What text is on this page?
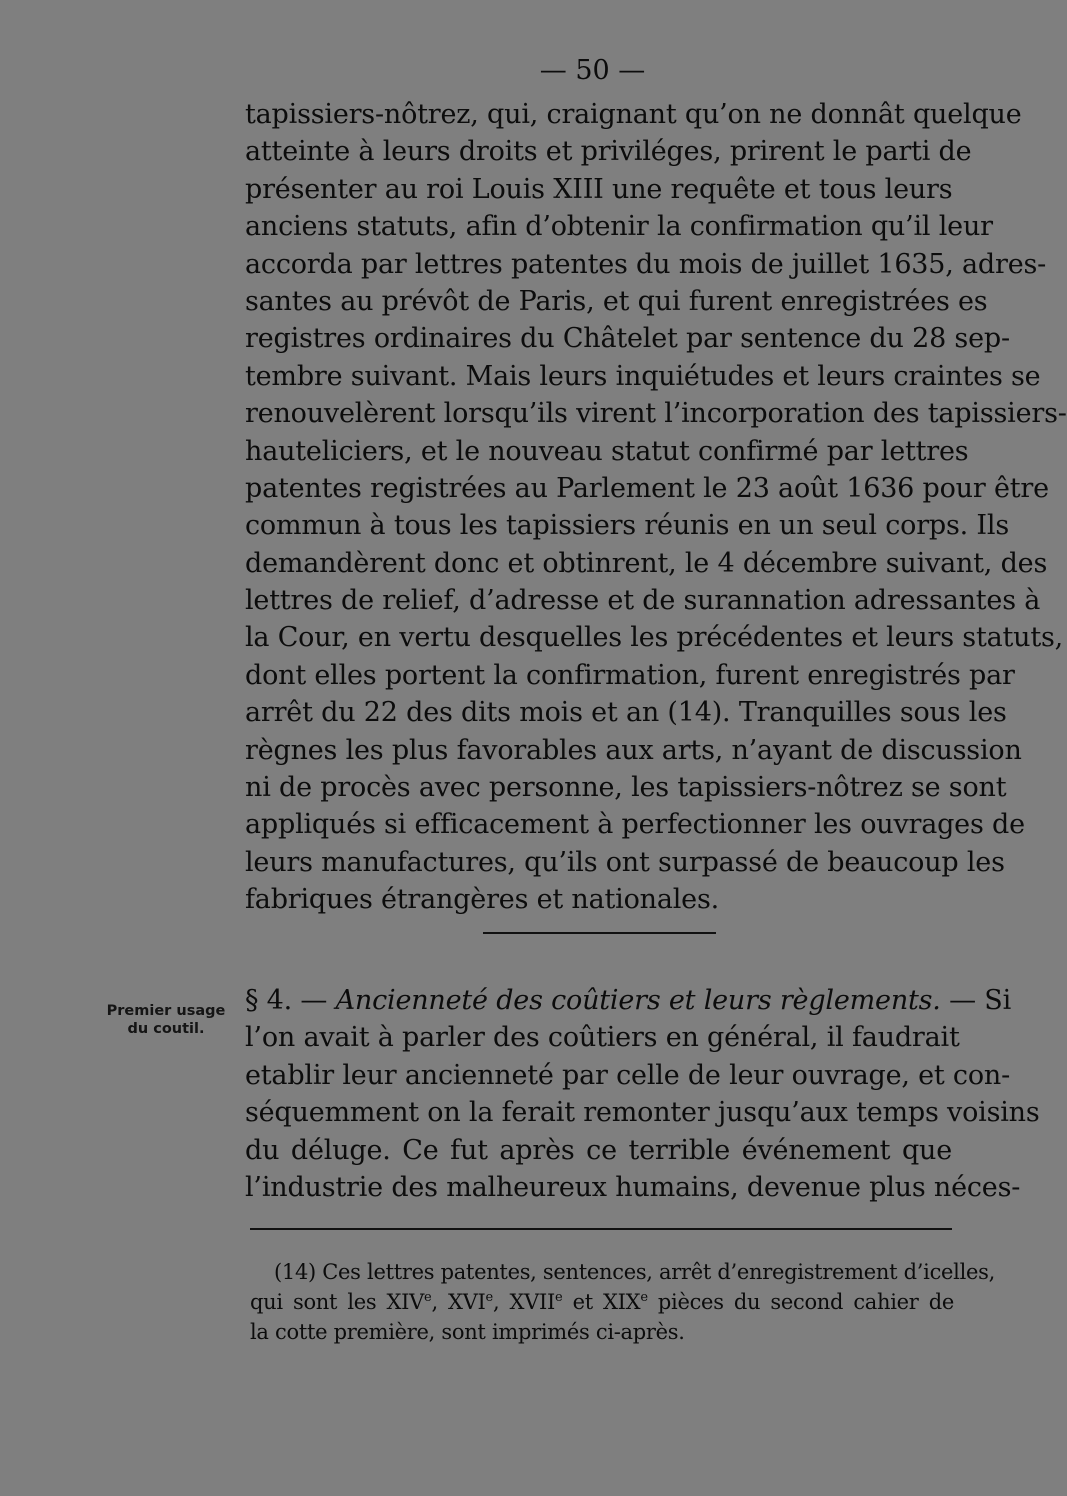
— 50 —
tapissiers-nôtrez, qui, craignant qu’on ne donnât quelque
atteinte à leurs droits et priviléges, prirent le parti de
présenter au roi Louis XIII une requête et tous leurs
anciens statuts, afin d’obtenir la confirmation qu’il leur
accorda par lettres patentes du mois de juillet 1635, adres-
santes au prévôt de Paris, et qui furent enregistrées es
registres ordinaires du Châtelet par sentence du 28 sep-
tembre suivant. Mais leurs inquiétudes et leurs craintes se
renouvelèrent lorsqu’ils virent l’incorporation des tapissiers-
hauteliciers, et le nouveau statut confirmé par lettres
patentes registrées au Parlement le 23 août 1636 pour être
commun à tous les tapissiers réunis en un seul corps. Ils
demandèrent donc et obtinrent, le 4 décembre suivant, des
lettres de relief, d’adresse et de surannation adressantes à
la Cour, en vertu desquelles les précédentes et leurs statuts,
dont elles portent la confirmation, furent enregistrés par
arrêt du 22 des dits mois et an (14). Tranquilles sous les
règnes les plus favorables aux arts, n’ayant de discussion
ni de procès avec personne, les tapissiers-nôtrez se sont
appliqués si efficacement à perfectionner les ouvrages de
leurs manufactures, qu’ils ont surpassé de beaucoup les
fabriques étrangères et nationales.
Premier usage
du coutil.
§ 4. — Ancienneté des coûtiers et leurs règlements. — Si
l’on avait à parler des coûtiers en général, il faudrait
etablir leur ancienneté par celle de leur ouvrage, et con-
séquemment on la ferait remonter jusqu’aux temps voisins
du déluge. Ce fut après ce terrible événement que
l’industrie des malheureux humains, devenue plus néces-
(14) Ces lettres patentes, sentences, arrêt d’enregistrement d’icelles,
qui sont les XIVe, XVIe, XVIIe et XIXe pièces du second cahier de
la cotte première, sont imprimés ci-après.
